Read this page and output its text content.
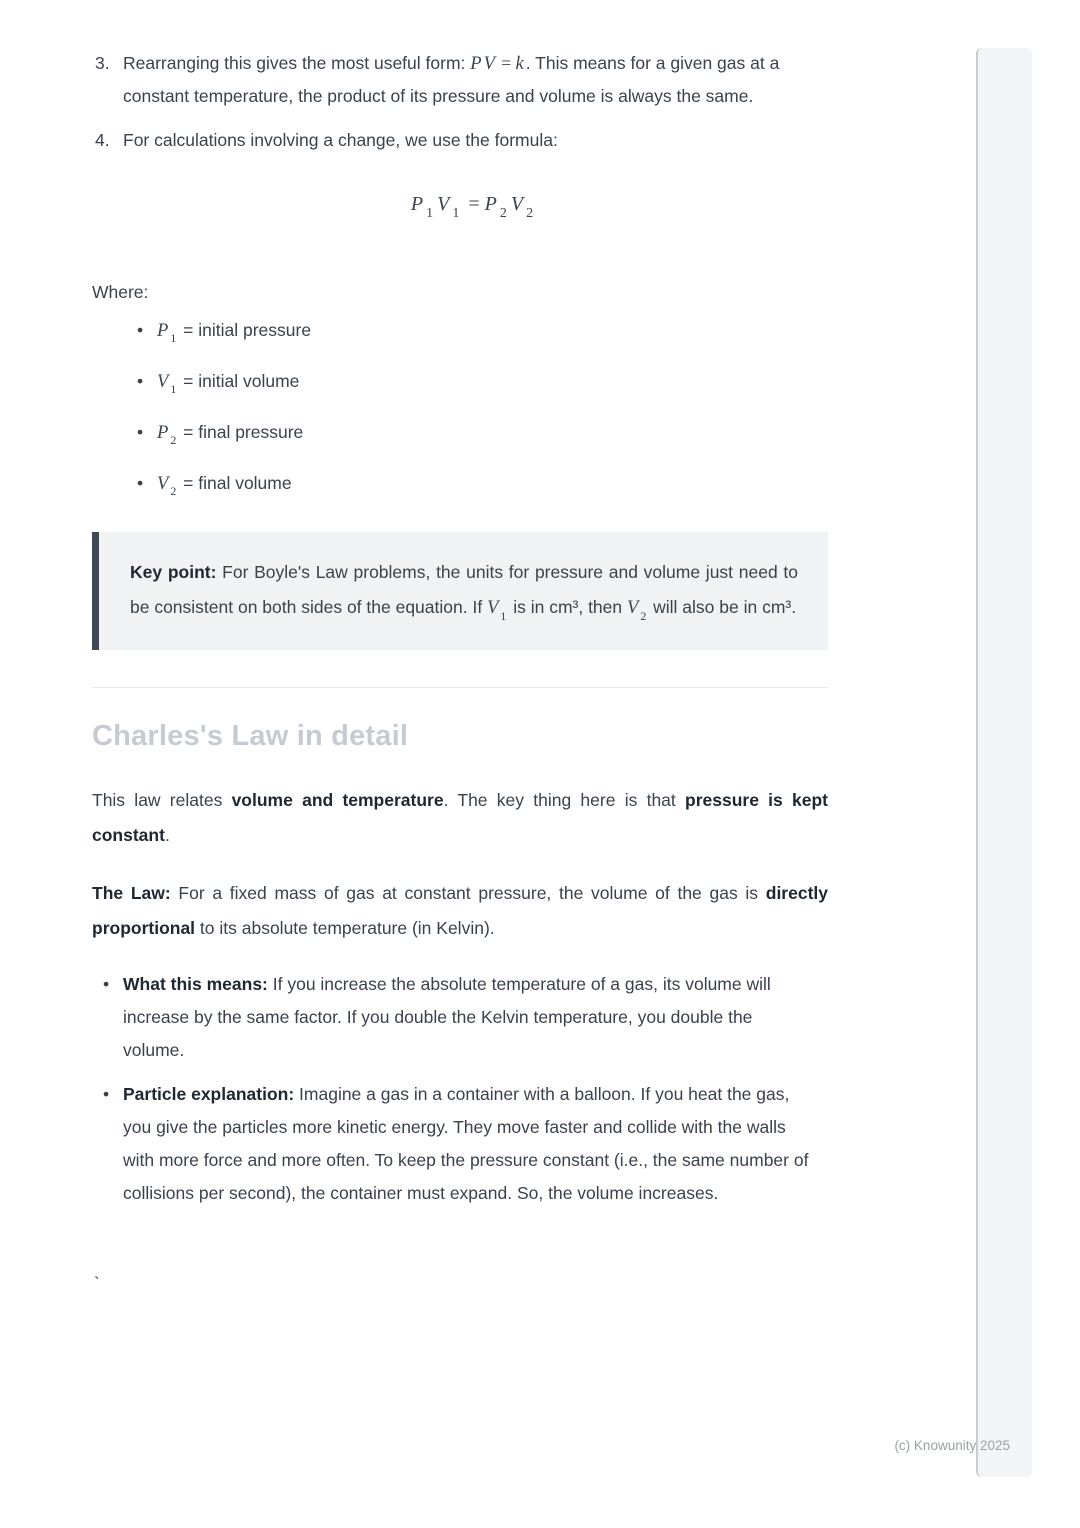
3. Rearranging this gives the most useful form: P V = k . This means for a given gas at a constant temperature, the product of its pressure and volume is always the same.
4. For calculations involving a change, we use the formula:
P $_1$ V $_1$ = P $_2$ V $_2$
Where:
• P $_1$ = initial pressure
• V $_1$ = initial volume
• P $_2$ = final pressure
• V $_2$ = final volume
Key point: For Boyle's Law problems, the units for pressure and volume just need to be consistent on both sides of the equation. If V $_1$ is in cm³, then V $_2$ will also be in cm³.
Charles's Law in detail

This law relates volume and temperature. The key thing here is that pressure is kept constant.

The Law: For a fixed mass of gas at constant pressure, the volume of the gas is directly proportional to its absolute temperature (in Kelvin).

• What this means: If you increase the absolute temperature of a gas, its volume will increase by the same factor. If you double the Kelvin temperature, you double the volume.
• Particle explanation: Imagine a gas in a container with a balloon. If you heat the gas, you give the particles more kinetic energy. They move faster and collide with the walls with more force and more often. To keep the pressure constant (i.e., the same number of collisions per second), the container must expand. So, the volume increases.
`
(c) Knowunity 2025
